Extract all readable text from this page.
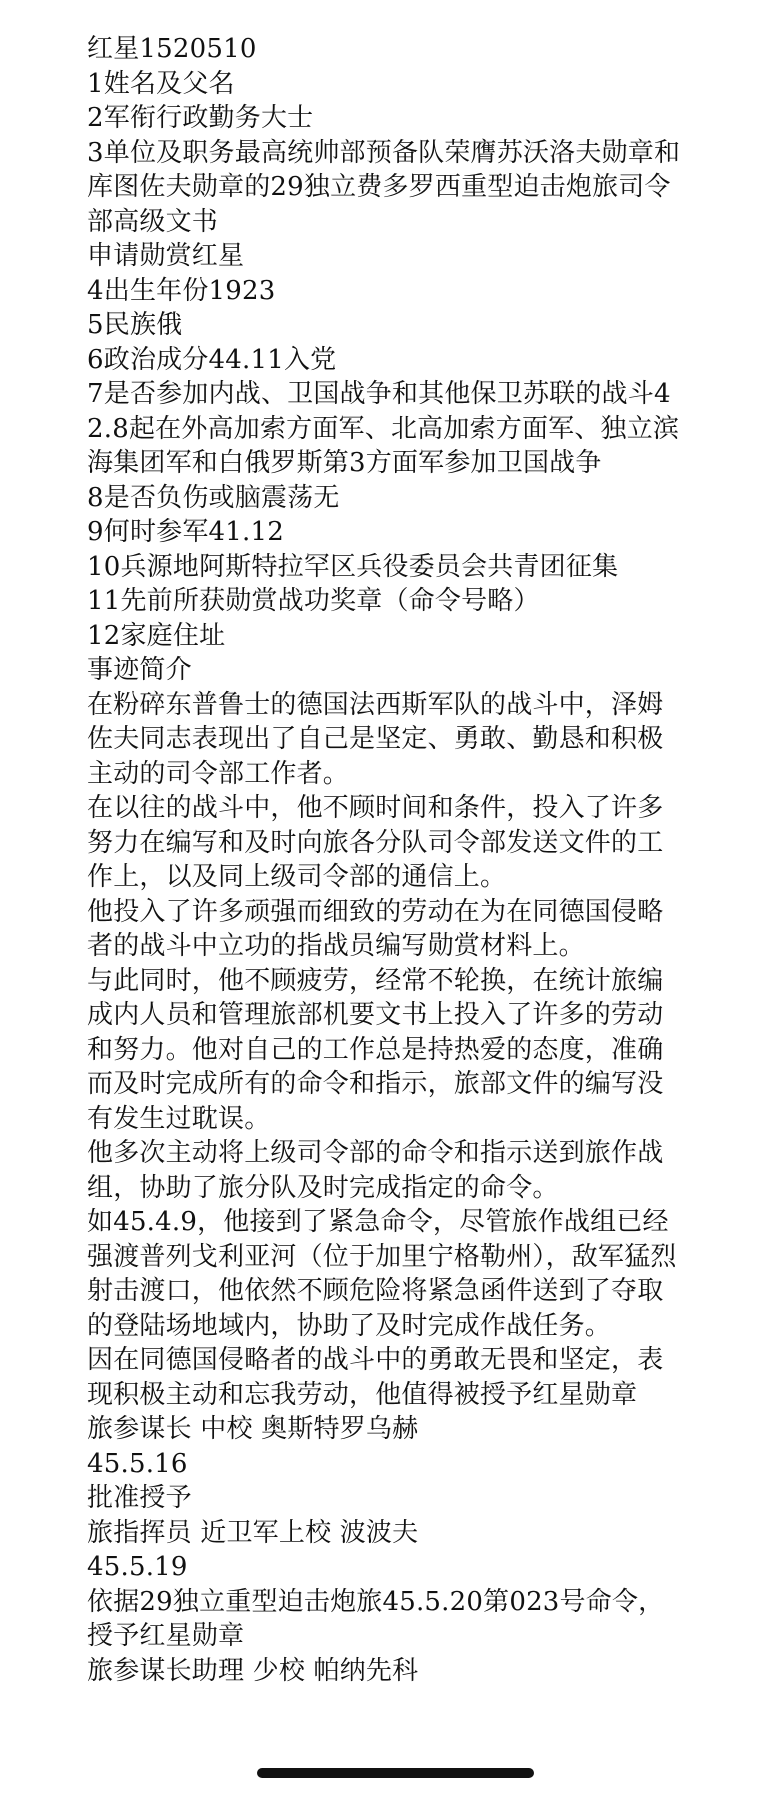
红星1520510
1姓名及父名
2军衔行政勤务大士
3单位及职务最高统帅部预备队荣膺苏沃洛夫勋章和库图佐夫勋章的29独立费多罗西重型迫击炮旅司令部高级文书
申请勋赏红星
4出生年份1923
5民族俄
6政治成分44.11入党
7是否参加内战、卫国战争和其他保卫苏联的战斗42.8起在外高加索方面军、北高加索方面军、独立滨海集团军和白俄罗斯第3方面军参加卫国战争
8是否负伤或脑震荡无
9何时参军41.12
10兵源地阿斯特拉罕区兵役委员会共青团征集
11先前所获勋赏战功奖章（命令号略）
12家庭住址
事迹简介
在粉碎东普鲁士的德国法西斯军队的战斗中，泽姆佐夫同志表现出了自己是坚定、勇敢、勤恳和积极主动的司令部工作者。
在以往的战斗中，他不顾时间和条件，投入了许多努力在编写和及时向旅各分队司令部发送文件的工作上，以及同上级司令部的通信上。
他投入了许多顽强而细致的劳动在为在同德国侵略者的战斗中立功的指战员编写勋赏材料上。
与此同时，他不顾疲劳，经常不轮换，在统计旅编成内人员和管理旅部机要文书上投入了许多的劳动和努力。他对自己的工作总是持热爱的态度，准确而及时完成所有的命令和指示，旅部文件的编写没有发生过耽误。
他多次主动将上级司令部的命令和指示送到旅作战组，协助了旅分队及时完成指定的命令。
如45.4.9，他接到了紧急命令，尽管旅作战组已经强渡普列戈利亚河（位于加里宁格勒州），敌军猛烈射击渡口，他依然不顾危险将紧急函件送到了夺取的登陆场地域内，协助了及时完成作战任务。
因在同德国侵略者的战斗中的勇敢无畏和坚定，表现积极主动和忘我劳动，他值得被授予红星勋章
旅参谋长 中校 奥斯特罗乌赫
45.5.16
批准授予
旅指挥员 近卫军上校 波波夫
45.5.19
依据29独立重型迫击炮旅45.5.20第023号命令，授予红星勋章
旅参谋长助理 少校 帕纳先科
